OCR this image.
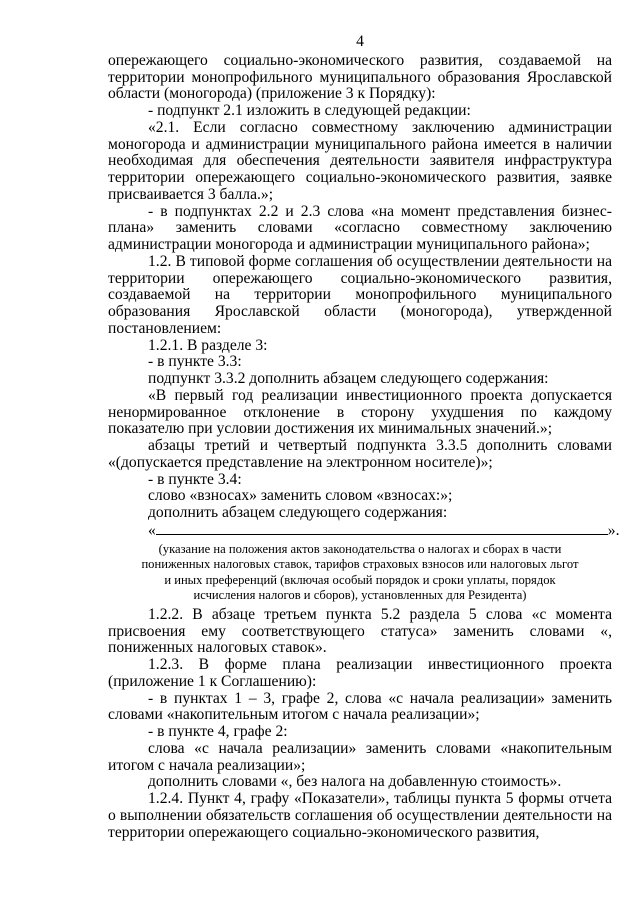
4

опережающего социально-экономического развития, создаваемой на территории монопрофильного муниципального образования Ярославской области (моногорода) (приложение 3 к Порядку):

- подпункт 2.1 изложить в следующей редакции:

«2.1. Если согласно совместному заключению администрации моногорода и администрации муниципального района имеется в наличии необходимая для обеспечения деятельности заявителя инфраструктура территории опережающего социально-экономического развития, заявке присваивается 3 балла.»;

- в подпунктах 2.2 и 2.3 слова «на момент представления бизнес-плана» заменить словами «согласно совместному заключению администрации моногорода и администрации муниципального района»;

1.2. В типовой форме соглашения об осуществлении деятельности на территории опережающего социально-экономического развития, создаваемой на территории монопрофильного муниципального образования Ярославской области (моногорода), утвержденной постановлением:

1.2.1. В разделе 3:

- в пункте 3.3:

подпункт 3.3.2 дополнить абзацем следующего содержания:

«В первый год реализации инвестиционного проекта допускается ненормированное отклонение в сторону ухудшения по каждому показателю при условии достижения их минимальных значений.»;

абзацы третий и четвертый подпункта 3.3.5 дополнить словами «(допускается представление на электронном носителе)»;

- в пункте 3.4:

слово «взносах» заменить словом «взносах:»;

дополнить абзацем следующего содержания:

«	».
(указание на положения актов законодательства о налогах и сборах в части
пониженных налоговых ставок, тарифов страховых взносов или налоговых льгот
и иных преференций (включая особый порядок и сроки уплаты, порядок
исчисления налогов и сборов), установленных для Резидента)

1.2.2. В абзаце третьем пункта 5.2 раздела 5 слова «с момента присвоения ему соответствующего статуса» заменить словами «, пониженных налоговых ставок».

1.2.3. В форме плана реализации инвестиционного проекта (приложение 1 к Соглашению):

- в пунктах 1 – 3, графе 2, слова «с начала реализации» заменить словами «накопительным итогом с начала реализации»;

- в пункте 4, графе 2:

слова «с начала реализации» заменить словами «накопительным итогом с начала реализации»;

дополнить словами «, без налога на добавленную стоимость».

1.2.4. Пункт 4, графу «Показатели», таблицы пункта 5 формы отчета о выполнении обязательств соглашения об осуществлении деятельности на территории опережающего социально-экономического развития,
